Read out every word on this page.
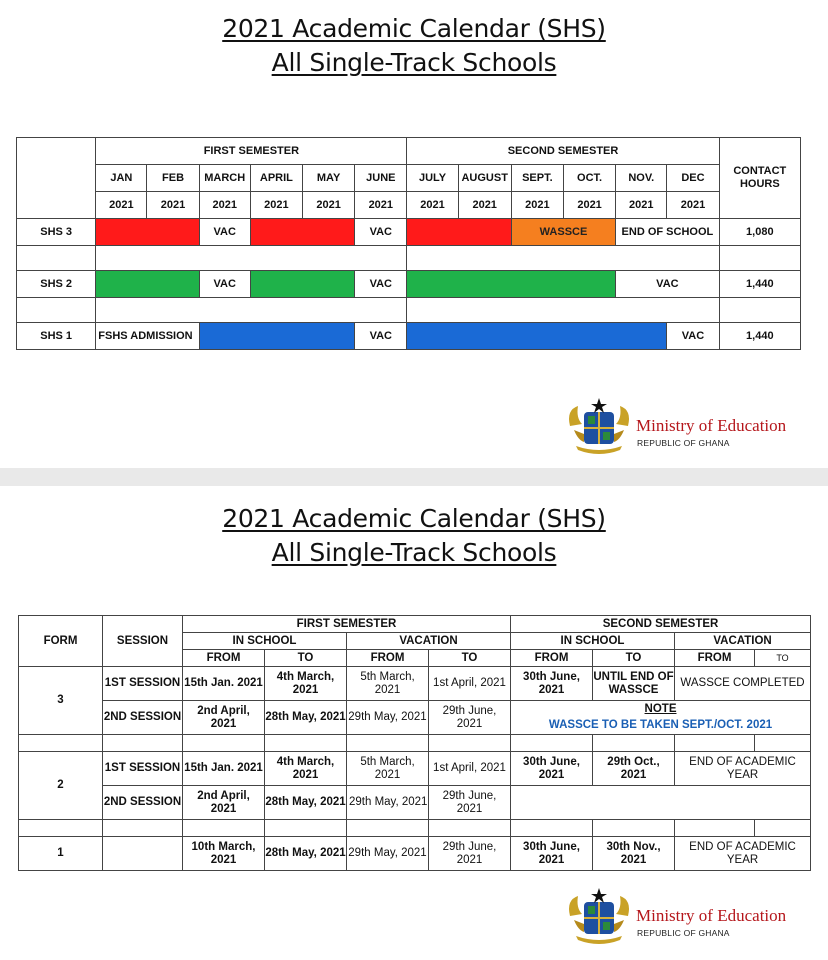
2021 Academic Calendar (SHS)
All Single-Track Schools
	FIRST SEMESTER						SECOND SEMESTER						CONTACT HOURS
	JAN	FEB	MARCH	APRIL	MAY	JUNE	JULY	AUGUST	SEPT.	OCT.	NOV.	DEC	
	2021	2021	2021	2021	2021	2021	2021	2021	2021	2021	2021	2021	
SHS 3			VAC			VAC			WASSCE		END OF SCHOOL		1,080

SHS 2			VAC			VAC					VAC		1,440

SHS 1	FSHS ADMISSION					VAC						VAC	1,440
Ministry of Education
REPUBLIC OF GHANA
2021 Academic Calendar (SHS)
All Single-Track Schools
FORM	SESSION	FIRST SEMESTER				SECOND SEMESTER			
		IN SCHOOL		VACATION		IN SCHOOL		VACATION	
		FROM	TO	FROM	TO	FROM	TO	FROM	TO
3	1ST SESSION	15th Jan. 2021	4th March, 2021	5th March, 2021	1st April, 2021	30th June, 2021	UNTIL END OF WASSCE	WASSCE COMPLETED	
	2ND SESSION	2nd April, 2021	28th May, 2021	29th May, 2021	29th June, 2021	NOTE
WASSCE TO BE TAKEN SEPT./OCT. 2021			

2	1ST SESSION	15th Jan. 2021	4th March, 2021	5th March, 2021	1st April, 2021	30th June, 2021	29th Oct., 2021	END OF ACADEMIC YEAR	
	2ND SESSION	2nd April, 2021	28th May, 2021	29th May, 2021	29th June, 2021				

1		10th March, 2021	28th May, 2021	29th May, 2021	29th June, 2021	30th June, 2021	30th Nov., 2021	END OF ACADEMIC YEAR	
Ministry of Education
REPUBLIC OF GHANA
